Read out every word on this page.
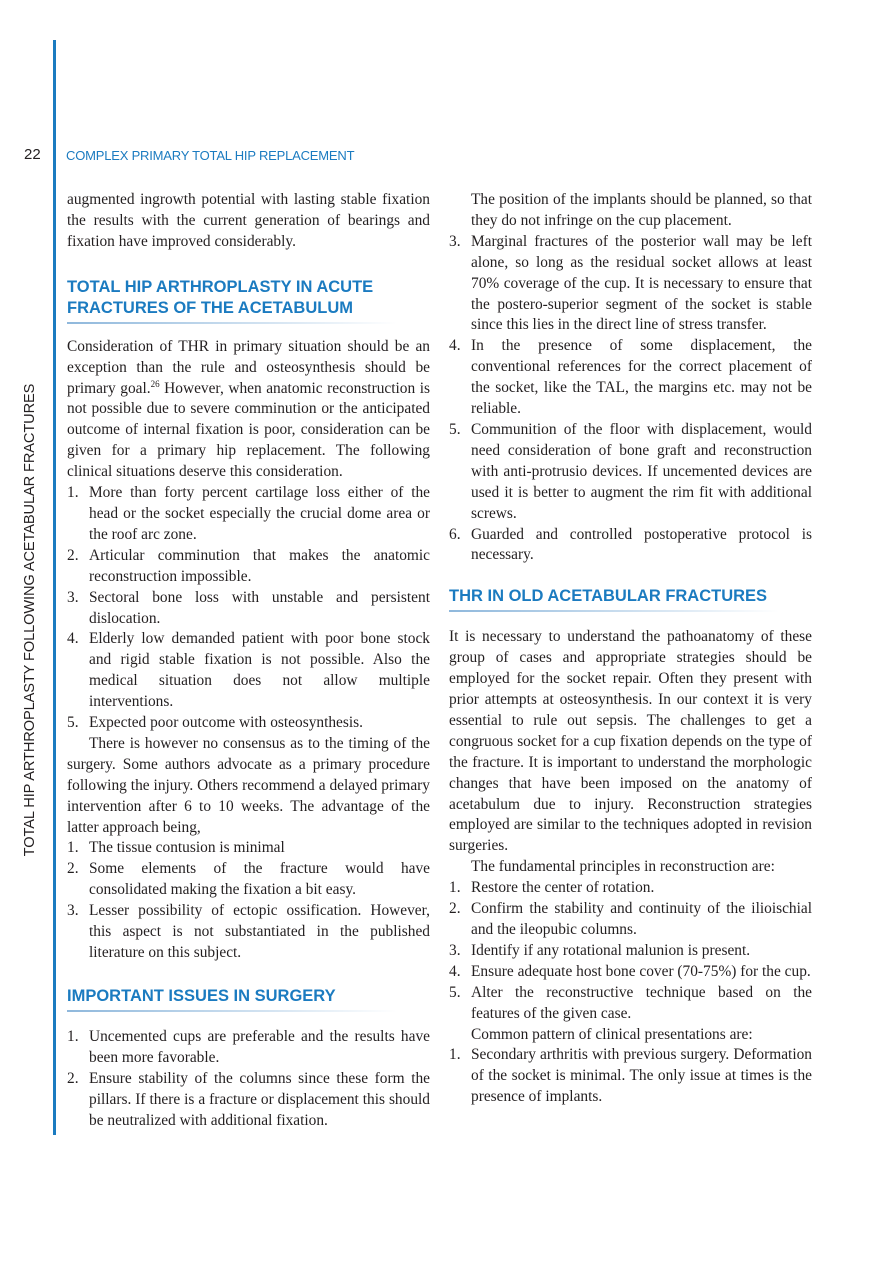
22 COMPLEX PRIMARY TOTAL HIP REPLACEMENT
TOTAL HIP ARTHROPLASTY FOLLOWING ACETABULAR FRACTURES

augmented ingrowth potential with lasting stable fixation the results with the current generation of bearings and fixation have improved considerably.

TOTAL HIP ARTHROPLASTY IN ACUTE FRACTURES OF THE ACETABULUM

Consideration of THR in primary situation should be an exception than the rule and osteosynthesis should be primary goal.$^{26}$ However, when anatomic reconstruction is not possible due to severe comminution or the anticipated outcome of internal fixation is poor, consideration can be given for a primary hip replacement. The following clinical situations deserve this consideration.

1. More than forty percent cartilage loss either of the head or the socket especially the crucial dome area or the roof arc zone.
2. Articular comminution that makes the anatomic reconstruction impossible.
3. Sectoral bone loss with unstable and persistent dislocation.
4. Elderly low demanded patient with poor bone stock and rigid stable fixation is not possible. Also the medical situation does not allow multiple interventions.
5. Expected poor outcome with osteosynthesis.

There is however no consensus as to the timing of the surgery. Some authors advocate as a primary procedure following the injury. Others recommend a delayed primary intervention after 6 to 10 weeks. The advantage of the latter approach being,

1. The tissue contusion is minimal
2. Some elements of the fracture would have consolidated making the fixation a bit easy.
3. Lesser possibility of ectopic ossification. However, this aspect is not substantiated in the published literature on this subject.
IMPORTANT ISSUES IN SURGERY
1. Uncemented cups are preferable and the results have been more favorable.
2. Ensure stability of the columns since these form the pillars. If there is a fracture or displacement this should be neutralized with additional fixation.

The position of the implants should be planned, so that they do not infringe on the cup placement.

3. Marginal fractures of the posterior wall may be left alone, so long as the residual socket allows at least 70% coverage of the cup. It is necessary to ensure that the postero-superior segment of the socket is stable since this lies in the direct line of stress transfer.
4. In the presence of some displacement, the conventional references for the correct placement of the socket, like the TAL, the margins etc. may not be reliable.
5. Communition of the floor with displacement, would need consideration of bone graft and reconstruction with anti-protrusio devices. If uncemented devices are used it is better to augment the rim fit with additional screws.
6. Guarded and controlled postoperative protocol is necessary.
THR IN OLD ACETABULAR FRACTURES

It is necessary to understand the pathoanatomy of these group of cases and appropriate strategies should be employed for the socket repair. Often they present with prior attempts at osteosynthesis. In our context it is very essential to rule out sepsis. The challenges to get a congruous socket for a cup fixation depends on the type of the fracture. It is important to understand the morphologic changes that have been imposed on the anatomy of acetabulum due to injury. Reconstruction strategies employed are similar to the techniques adopted in revision surgeries.

The fundamental principles in reconstruction are:

1. Restore the center of rotation.
2. Confirm the stability and continuity of the ilioischial and the ileopubic columns.
3. Identify if any rotational malunion is present.
4. Ensure adequate host bone cover (70-75%) for the cup.
5. Alter the reconstructive technique based on the features of the given case.

Common pattern of clinical presentations are:

1. Secondary arthritis with previous surgery. Deformation of the socket is minimal. The only issue at times is the presence of implants.
